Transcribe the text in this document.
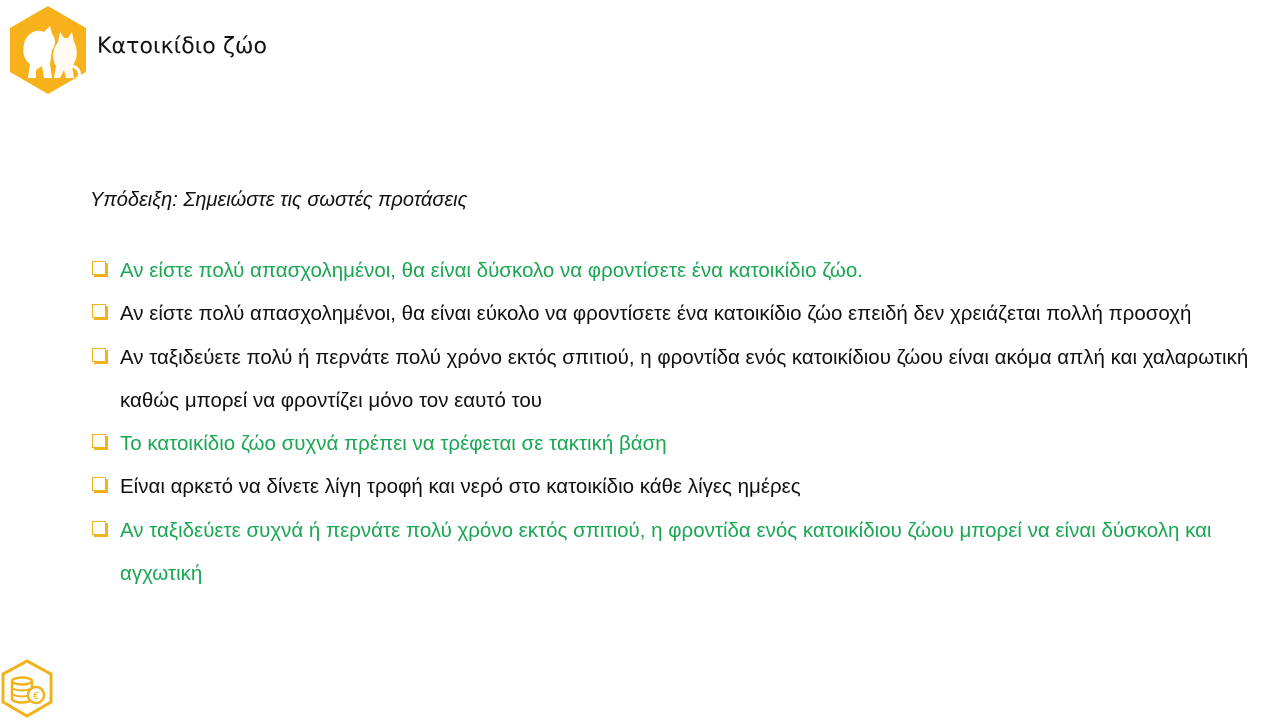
Κατοικίδιο ζώο
Υπόδειξη: Σημειώστε τις σωστές προτάσεις
Αν είστε πολύ απασχολημένοι, θα είναι δύσκολο να φροντίσετε ένα κατοικίδιο ζώο.
Αν είστε πολύ απασχολημένοι, θα είναι εύκολο να φροντίσετε ένα κατοικίδιο ζώο επειδή δεν χρειάζεται πολλή προσοχή
Αν ταξιδεύετε πολύ ή περνάτε πολύ χρόνο εκτός σπιτιού, η φροντίδα ενός κατοικίδιου ζώου είναι ακόμα απλή και χαλαρωτική καθώς μπορεί να φροντίζει μόνο τον εαυτό του
Το κατοικίδιο ζώο συχνά πρέπει να τρέφεται σε τακτική βάση
Είναι αρκετό να δίνετε λίγη τροφή και νερό στο κατοικίδιο κάθε λίγες ημέρες
Αν ταξιδεύετε συχνά ή περνάτε πολύ χρόνο εκτός σπιτιού, η φροντίδα ενός κατοικίδιου ζώου μπορεί να είναι δύσκολη και αγχωτική
€
